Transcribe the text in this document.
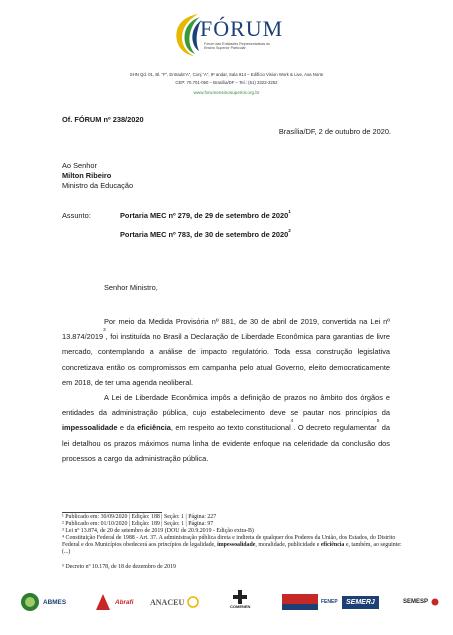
FÓRUM
Fórum das Entidades Representativas do Ensino Superior Particular
SHN Qd. 01, Bl. “F”, Entrada“A”, Conj “A”, 9º andar, Sala 914 – Edifício Vision Work & Live, Asa Norte
CEP: 70.701-060 – Brasília/DF – Tel.: (61) 3322-3252
www.forumensinosuperior.org.br
Of. FÓRUM nº 238/2020
Brasília/DF, 2 de outubro de 2020.
Ao Senhor
Milton Ribeiro
Ministro da Educação
Assunto:	Portaria MEC nº 279, de 29 de setembro de 2020$^1$
Portaria MEC nº 783, de 30 de setembro de 2020$^2$
Senhor Ministro,

Por meio da Medida Provisória nº 881, de 30 de abril de 2019, convertida na Lei nº 13.874/2019$^3$, foi instituída no Brasil a Declaração de Liberdade Econômica para garantias de livre mercado, contemplando a análise de impacto regulatório. Toda essa construção legislativa concretizava então os compromissos em campanha pelo atual Governo, eleito democraticamente em 2018, de ter uma agenda neoliberal.

A Lei de Liberdade Econômica impôs a definição de prazos no âmbito dos órgãos e entidades da administração pública, cujo estabelecimento deve se pautar nos princípios da impessoalidade e da eficiência, em respeito ao texto constitucional$^4$. O decreto regulamentar$^5$ da lei detalhou os prazos máximos numa linha de evidente enfoque na celeridade da conclusão dos processos a cargo da administração pública.

¹ Publicado em: 30/09/2020 | Edição: 188 | Seção: 1 | Página: 227
² Publicado em: 01/10/2020 | Edição: 189 | Seção: 1 | Página: 97
³ Lei nº 13.874, de 20 de setembro de 2019 (DOU de 20.9.2019 - Edição extra-B)
⁴ Constituição Federal de 1988 - Art. 37. A administração pública direta e indireta de qualquer dos Poderes da União, dos Estados, do Distrito Federal e dos Municípios obedecerá aos princípios de legalidade, impessoalidade, moralidade, publicidade e eficiência e, também, ao seguinte: (...)
⁵ Decreto nº 10.178, de 18 de dezembro de 2019
ABMES	Abrafi ANACEU	COMENEN
FENEP	SEMERJ	SEMESP
